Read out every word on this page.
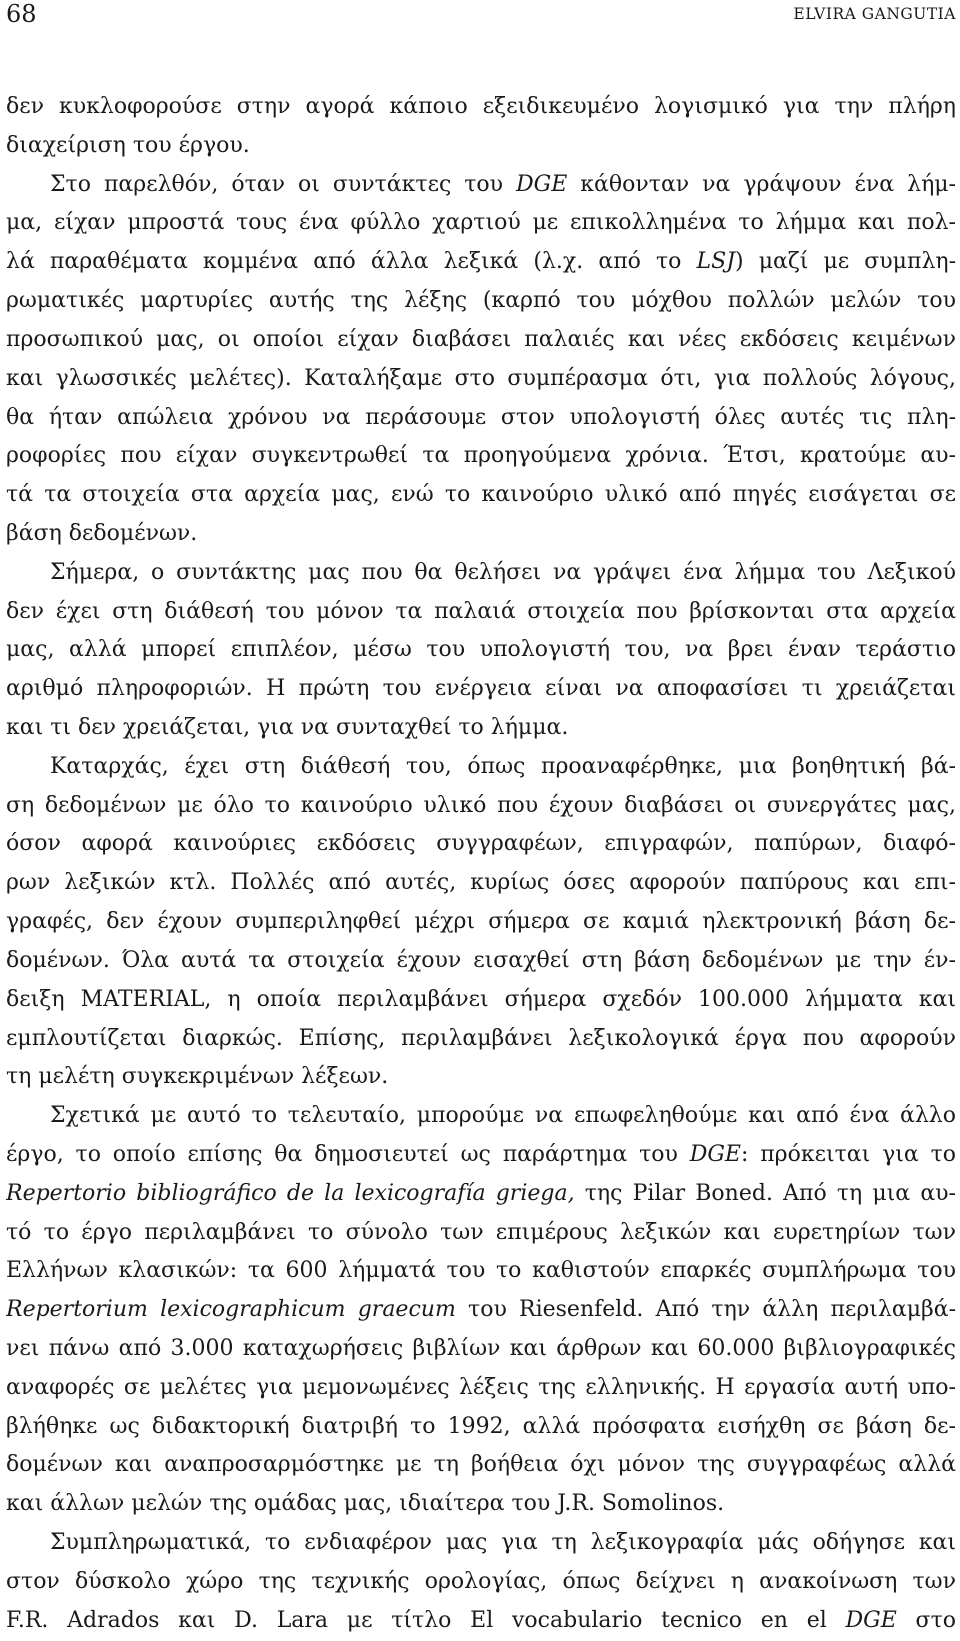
68	ELVIRA GANGUTIA
δεν κυκλοφορούσε στην αγορά κάποιο εξειδικευμένο λογισμικό για την πλήρη
διαχείριση του έργου.
Στο παρελθόν, όταν οι συντάκτες του DGE κάθονταν να γράψουν ένα λήμ-
μα, είχαν μπροστά τους ένα φύλλο χαρτιού με επικολλημένα το λήμμα και πολ-
λά παραθέματα κομμένα από άλλα λεξικά (λ.χ. από το LSJ) μαζί με συμπλη-
ρωματικές μαρτυρίες αυτής της λέξης (καρπό του μόχθου πολλών μελών του
προσωπικού μας, οι οποίοι είχαν διαβάσει παλαιές και νέες εκδόσεις κειμένων
και γλωσσικές μελέτες). Καταλήξαμε στο συμπέρασμα ότι, για πολλούς λόγους,
θα ήταν απώλεια χρόνου να περάσουμε στον υπολογιστή όλες αυτές τις πλη-
ροφορίες που είχαν συγκεντρωθεί τα προηγούμενα χρόνια. Έτσι, κρατούμε αυ-
τά τα στοιχεία στα αρχεία μας, ενώ το καινούριο υλικό από πηγές εισάγεται σε
βάση δεδομένων.
Σήμερα, ο συντάκτης μας που θα θελήσει να γράψει ένα λήμμα του Λεξικού
δεν έχει στη διάθεσή του μόνον τα παλαιά στοιχεία που βρίσκονται στα αρχεία
μας, αλλά μπορεί επιπλέον, μέσω του υπολογιστή του, να βρει έναν τεράστιο
αριθμό πληροφοριών. Η πρώτη του ενέργεια είναι να αποφασίσει τι χρειάζεται
και τι δεν χρειάζεται, για να συνταχθεί το λήμμα.
Καταρχάς, έχει στη διάθεσή του, όπως προαναφέρθηκε, μια βοηθητική βά-
ση δεδομένων με όλο το καινούριο υλικό που έχουν διαβάσει οι συνεργάτες μας,
όσον αφορά καινούριες εκδόσεις συγγραφέων, επιγραφών, παπύρων, διαφό-
ρων λεξικών κτλ. Πολλές από αυτές, κυρίως όσες αφορούν παπύρους και επι-
γραφές, δεν έχουν συμπεριληφθεί μέχρι σήμερα σε καμιά ηλεκτρονική βάση δε-
δομένων. Όλα αυτά τα στοιχεία έχουν εισαχθεί στη βάση δεδομένων με την έν-
δειξη MATERIAL, η οποία περιλαμβάνει σήμερα σχεδόν 100.000 λήμματα και
εμπλουτίζεται διαρκώς. Επίσης, περιλαμβάνει λεξικολογικά έργα που αφορούν
τη μελέτη συγκεκριμένων λέξεων.
Σχετικά με αυτό το τελευταίο, μπορούμε να επωφεληθούμε και από ένα άλλο
έργο, το οποίο επίσης θα δημοσιευτεί ως παράρτημα του DGE: πρόκειται για το
Repertorio bibliográfico de la lexicografía griega, της Pilar Boned. Από τη μια αυ-
τό το έργο περιλαμβάνει το σύνολο των επιμέρους λεξικών και ευρετηρίων των
Ελλήνων κλασικών: τα 600 λήμματά του το καθιστούν επαρκές συμπλήρωμα του
Repertorium lexicographicum graecum του Riesenfeld. Από την άλλη περιλαμβά-
νει πάνω από 3.000 καταχωρήσεις βιβλίων και άρθρων και 60.000 βιβλιογραφικές
αναφορές σε μελέτες για μεμονωμένες λέξεις της ελληνικής. Η εργασία αυτή υπο-
βλήθηκε ως διδακτορική διατριβή το 1992, αλλά πρόσφατα εισήχθη σε βάση δε-
δομένων και αναπροσαρμόστηκε με τη βοήθεια όχι μόνον της συγγραφέως αλλά
και άλλων μελών της ομάδας μας, ιδιαίτερα του J.R. Somolinos.
Συμπληρωματικά, το ενδιαφέρον μας για τη λεξικογραφία μάς οδήγησε και
στον δύσκολο χώρο της τεχνικής ορολογίας, όπως δείχνει η ανακοίνωση των
F.R. Adrados και D. Lara με τίτλο El vocabulario tecnico en el DGE στο
